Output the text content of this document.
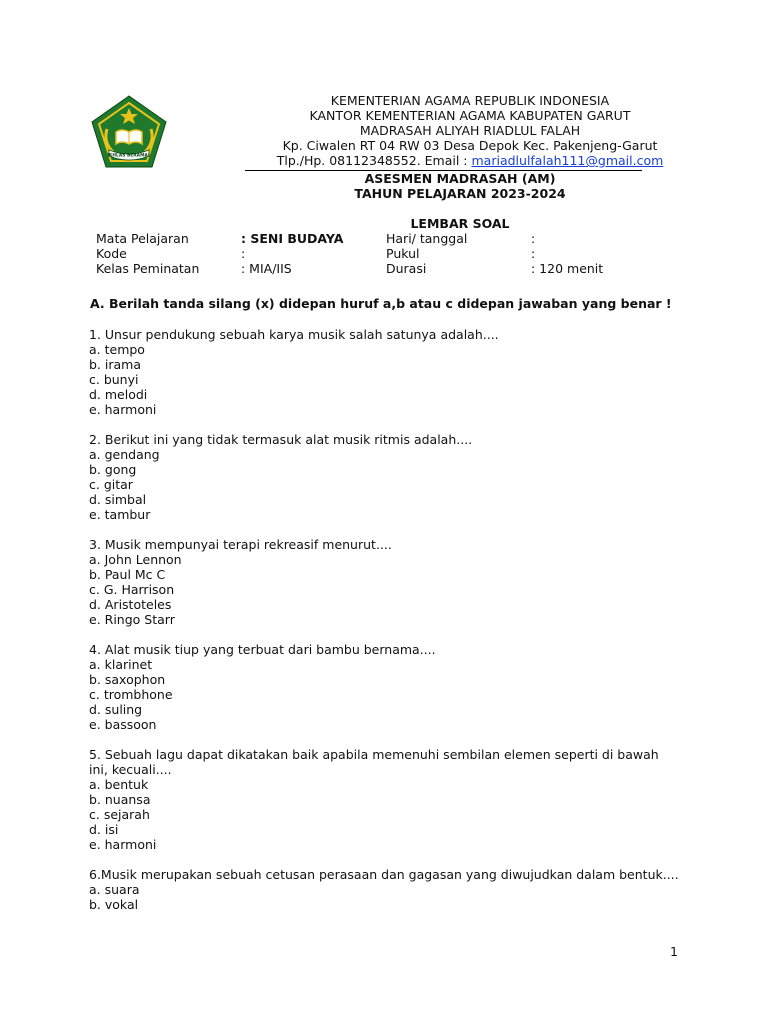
IKHLAS BERAMAL
KEMENTERIAN AGAMA REPUBLIK INDONESIA
KANTOR KEMENTERIAN AGAMA KABUPATEN GARUT
MADRASAH ALIYAH RIADLUL FALAH
Kp. Ciwalen RT 04 RW 03 Desa Depok Kec. Pakenjeng-Garut
Tlp./Hp. 08112348552. Email : mariadlulfalah111@gmail.com
ASESMEN MADRASAH (AM)
TAHUN PELAJARAN 2023-2024
LEMBAR SOAL
Mata Pelajaran	: SENI BUDAYA	Hari/ tanggal	:
Kode	:	Pukul	:
Kelas Peminatan	: MIA/IIS	Durasi	: 120 menit
A. Berilah tanda silang (x) didepan huruf a,b atau c didepan jawaban yang benar !
1. Unsur pendukung sebuah karya musik salah satunya adalah....
a. tempo
b. irama
c. bunyi
d. melodi
e. harmoni
2. Berikut ini yang tidak termasuk alat musik ritmis adalah....
a. gendang
b. gong
c. gitar
d. simbal
e. tambur
3. Musik mempunyai terapi rekreasif menurut....
a. John Lennon
b. Paul Mc C
c. G. Harrison
d. Aristoteles
e. Ringo Starr
4. Alat musik tiup yang terbuat dari bambu bernama....
a. klarinet
b. saxophon
c. trombhone
d. suling
e. bassoon
5. Sebuah lagu dapat dikatakan baik apabila memenuhi sembilan elemen seperti di bawah ini, kecuali....
a. bentuk
b. nuansa
c. sejarah
d. isi
e. harmoni
6.Musik merupakan sebuah cetusan perasaan dan gagasan yang diwujudkan dalam bentuk....
a. suara
b. vokal
1
